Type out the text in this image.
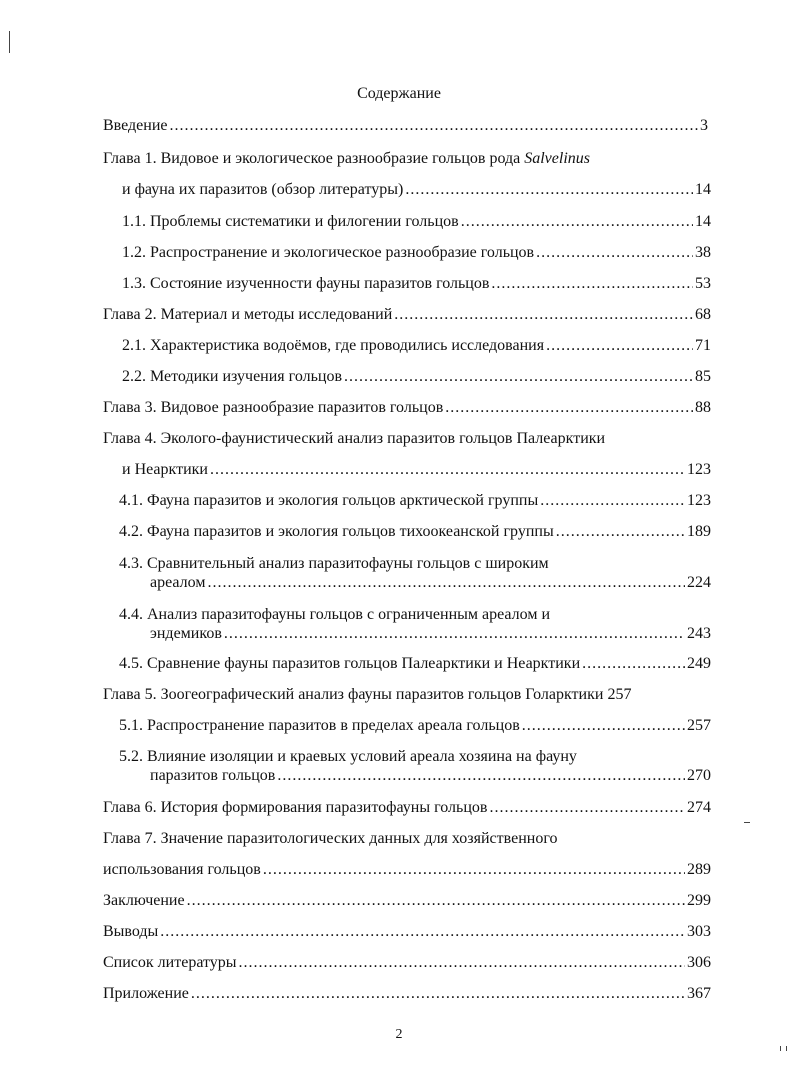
Содержание
Введение .....	3
Глава 1. Видовое и экологическое разнообразие гольцов рода Salvelinus
и фауна их паразитов (обзор литературы) .....	14
1.1. Проблемы систематики и филогении гольцов .....	14
1.2. Распространение и экологическое разнообразие гольцов .....	38
1.3. Состояние изученности фауны паразитов гольцов .....	53
Глава 2. Материал и методы исследований .....	68
2.1. Характеристика водоёмов, где проводились исследования .....	71
2.2. Методики изучения гольцов .....	85
Глава 3. Видовое разнообразие паразитов гольцов .....	88
Глава 4. Эколого-фаунистический анализ паразитов гольцов Палеарктики
и Неарктики .....	123
4.1. Фауна паразитов и экология гольцов арктической группы .....	123
4.2. Фауна паразитов и экология гольцов тихоокеанской группы .....	189
4.3. Сравнительный анализ паразитофауны гольцов с широким
ареалом .....	224
4.4. Анализ паразитофауны гольцов с ограниченным ареалом и
эндемиков .....	243
4.5. Сравнение фауны паразитов гольцов Палеарктики и Неарктики .....	249
Глава 5. Зоогеографический анализ фауны паразитов гольцов Голарктики 257
5.1. Распространение паразитов в пределах ареала гольцов .....	257
5.2. Влияние изоляции и краевых условий ареала хозяина на фауну
паразитов гольцов .....	270
Глава 6. История формирования паразитофауны гольцов .....	274
Глава 7. Значение паразитологических данных для хозяйственного
использования гольцов .....	289
Заключение .....	299
Выводы .....	303
Список литературы .....	306
Приложение .....	367
2
